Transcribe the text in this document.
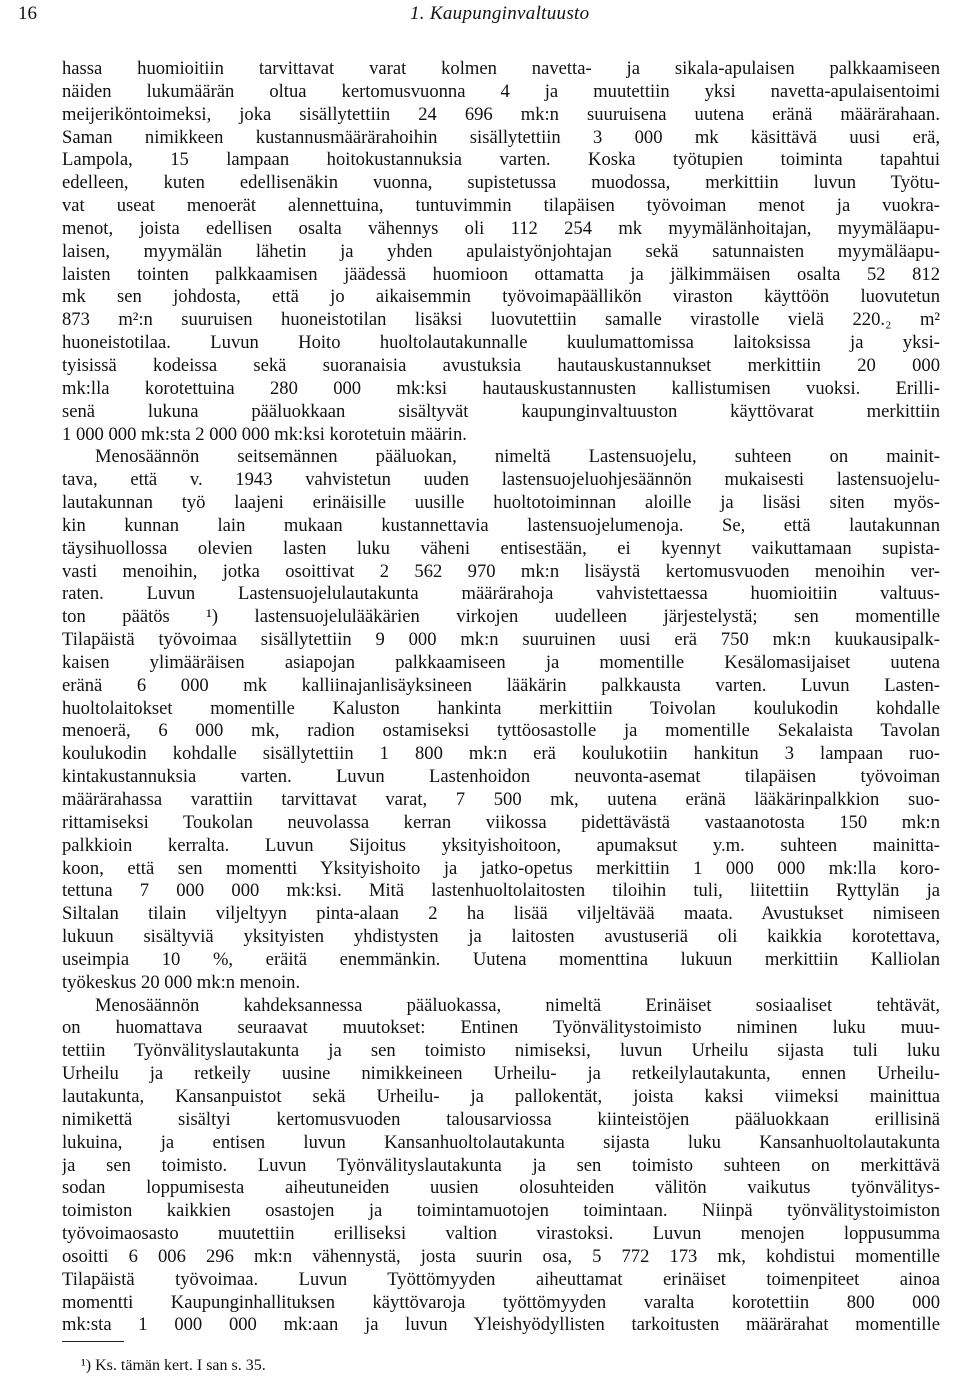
16	1. Kaupunginvaltuusto
hassa huomioitiin tarvittavat varat kolmen navetta- ja sikala-apulaisen palkkaamiseen
näiden lukumäärän oltua kertomusvuonna 4 ja muutettiin yksi navetta-apulaisentoimi
meijeriköntoimeksi, joka sisällytettiin 24 696 mk:n suuruisena uutena eränä määrärahaan.
Saman nimikkeen kustannusmäärärahoihin sisällytettiin 3 000 mk käsittävä uusi erä,
Lampola, 15 lampaan hoitokustannuksia varten. Koska työtupien toiminta tapahtui
edelleen, kuten edellisenäkin vuonna, supistetussa muodossa, merkittiin luvun Työtu-
vat useat menoerät alennettuina, tuntuvimmin tilapäisen työvoiman menot ja vuokra-
menot, joista edellisen osalta vähennys oli 112 254 mk myymälänhoitajan, myymäläapu-
laisen, myymälän lähetin ja yhden apulaistyönjohtajan sekä satunnaisten myymäläapu-
laisten tointen palkkaamisen jäädessä huomioon ottamatta ja jälkimmäisen osalta 52 812
mk sen johdosta, että jo aikaisemmin työvoimapäällikön viraston käyttöön luovutetun
873 m²:n suuruisen huoneistotilan lisäksi luovutettiin samalle virastolle vielä 220.₂ m²
huoneistotilaa. Luvun Hoito huoltolautakunnalle kuulumattomissa laitoksissa ja yksi-
tyisissä kodeissa sekä suoranaisia avustuksia hautauskustannukset merkittiin 20 000
mk:lla korotettuina 280 000 mk:ksi hautauskustannusten kallistumisen vuoksi. Erilli-
senä lukuna pääluokkaan sisältyvät kaupunginvaltuuston käyttövarat merkittiin
1 000 000 mk:sta 2 000 000 mk:ksi korotetuin määrin.
Menosäännön seitsemännen pääluokan, nimeltä Lastensuojelu, suhteen on mainit-
tava, että v. 1943 vahvistetun uuden lastensuojeluohjesäännön mukaisesti lastensuojelu-
lautakunnan työ laajeni erinäisille uusille huoltotoiminnan aloille ja lisäsi siten myös-
kin kunnan lain mukaan kustannettavia lastensuojelumenoja. Se, että lautakunnan
täysihuollossa olevien lasten luku väheni entisestään, ei kyennyt vaikuttamaan supista-
vasti menoihin, jotka osoittivat 2 562 970 mk:n lisäystä kertomusvuoden menoihin ver-
raten. Luvun Lastensuojelulautakunta määrärahoja vahvistettaessa huomioitiin valtuus-
ton päätös ¹) lastensuojelulääkärien virkojen uudelleen järjestelystä; sen momentille
Tilapäistä työvoimaa sisällytettiin 9 000 mk:n suuruinen uusi erä 750 mk:n kuukausipalk-
kaisen ylimääräisen asiapojan palkkaamiseen ja momentille Kesälomasijaiset uutena
eränä 6 000 mk kalliinajanlisäyksineen lääkärin palkkausta varten. Luvun Lasten-
huoltolaitokset momentille Kaluston hankinta merkittiin Toivolan koulukodin kohdalle
menoerä, 6 000 mk, radion ostamiseksi tyttöosastolle ja momentille Sekalaista Tavolan
koulukodin kohdalle sisällytettiin 1 800 mk:n erä koulukotiin hankitun 3 lampaan ruo-
kintakustannuksia varten. Luvun Lastenhoidon neuvonta-asemat tilapäisen työvoiman
määrärahassa varattiin tarvittavat varat, 7 500 mk, uutena eränä lääkärinpalkkion suo-
rittamiseksi Toukolan neuvolassa kerran viikossa pidettävästä vastaanotosta 150 mk:n
palkkioin kerralta. Luvun Sijoitus yksityishoitoon, apumaksut y.m. suhteen mainitta-
koon, että sen momentti Yksityishoito ja jatko-opetus merkittiin 1 000 000 mk:lla koro-
tettuna 7 000 000 mk:ksi. Mitä lastenhuoltolaitosten tiloihin tuli, liitettiin Ryttylän ja
Siltalan tilain viljeltyyn pinta-alaan 2 ha lisää viljeltävää maata. Avustukset nimiseen
lukuun sisältyviä yksityisten yhdistysten ja laitosten avustuseriä oli kaikkia korotettava,
useimpia 10 %, eräitä enemmänkin. Uutena momenttina lukuun merkittiin Kalliolan
työkeskus 20 000 mk:n menoin.
Menosäännön kahdeksannessa pääluokassa, nimeltä Erinäiset sosiaaliset tehtävät,
on huomattava seuraavat muutokset: Entinen Työnvälitystoimisto niminen luku muu-
tettiin Työnvälityslautakunta ja sen toimisto nimiseksi, luvun Urheilu sijasta tuli luku
Urheilu ja retkeily uusine nimikkeineen Urheilu- ja retkeilylautakunta, ennen Urheilu-
lautakunta, Kansanpuistot sekä Urheilu- ja pallokentät, joista kaksi viimeksi mainittua
nimikettä sisältyi kertomusvuoden talousarviossa kiinteistöjen pääluokkaan erillisinä
lukuina, ja entisen luvun Kansanhuoltolautakunta sijasta luku Kansanhuoltolautakunta
ja sen toimisto. Luvun Työnvälityslautakunta ja sen toimisto suhteen on merkittävä
sodan loppumisesta aiheutuneiden uusien olosuhteiden välitön vaikutus työnvälitys-
toimiston kaikkien osastojen ja toimintamuotojen toimintaan. Niinpä työnvälitystoimiston
työvoimaosasto muutettiin erilliseksi valtion virastoksi. Luvun menojen loppusumma
osoitti 6 006 296 mk:n vähennystä, josta suurin osa, 5 772 173 mk, kohdistui momentille
Tilapäistä työvoimaa. Luvun Työttömyyden aiheuttamat erinäiset toimenpiteet ainoa
momentti Kaupunginhallituksen käyttövaroja työttömyyden varalta korotettiin 800 000
mk:sta 1 000 000 mk:aan ja luvun Yleishyödyllisten tarkoitusten määrärahat momentille
¹) Ks. tämän kert. I san s. 35.
